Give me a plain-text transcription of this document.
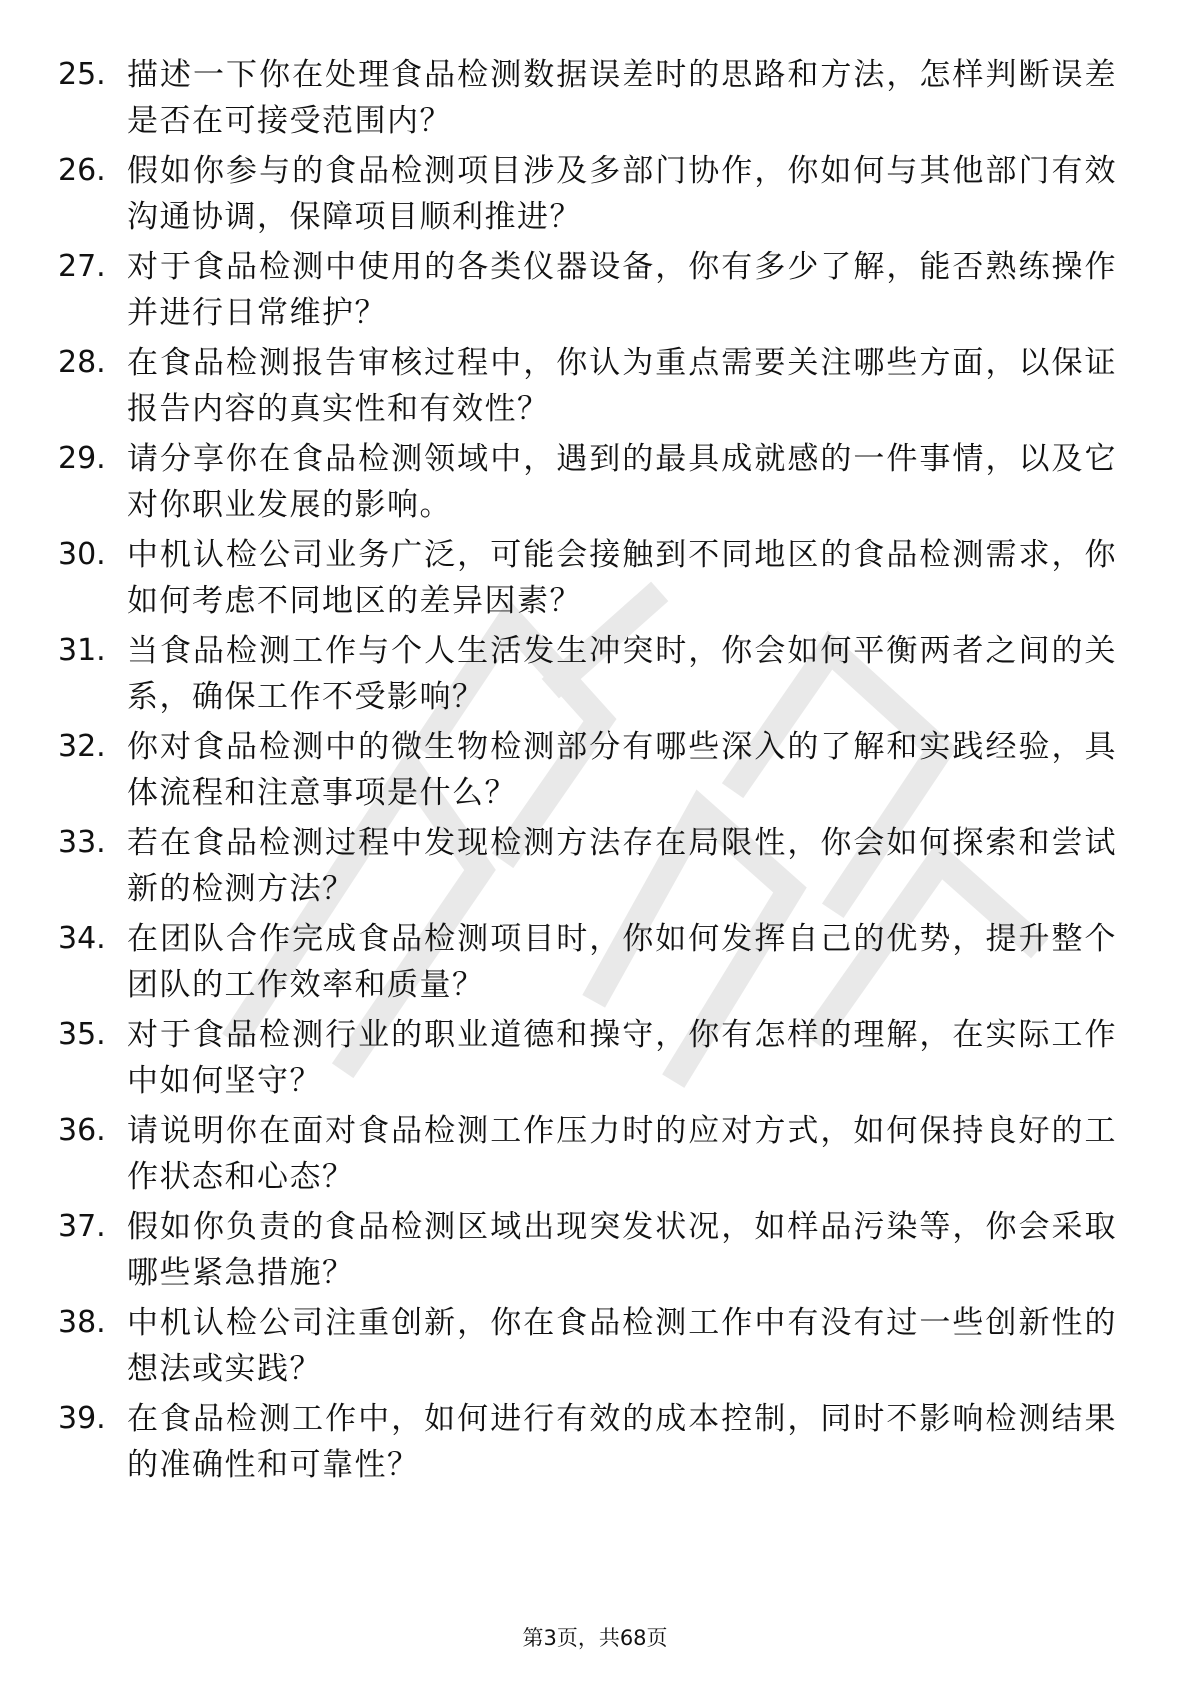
25. 描述一下你在处理食品检测数据误差时的思路和方法，怎样判断误差是否在可接受范围内？
26. 假如你参与的食品检测项目涉及多部门协作，你如何与其他部门有效沟通协调，保障项目顺利推进？
27. 对于食品检测中使用的各类仪器设备，你有多少了解，能否熟练操作并进行日常维护？
28. 在食品检测报告审核过程中，你认为重点需要关注哪些方面，以保证报告内容的真实性和有效性？
29. 请分享你在食品检测领域中，遇到的最具成就感的一件事情，以及它对你职业发展的影响。
30. 中机认检公司业务广泛，可能会接触到不同地区的食品检测需求，你如何考虑不同地区的差异因素？
31. 当食品检测工作与个人生活发生冲突时，你会如何平衡两者之间的关系，确保工作不受影响？
32. 你对食品检测中的微生物检测部分有哪些深入的了解和实践经验，具体流程和注意事项是什么？
33. 若在食品检测过程中发现检测方法存在局限性，你会如何探索和尝试新的检测方法？
34. 在团队合作完成食品检测项目时，你如何发挥自己的优势，提升整个团队的工作效率和质量？
35. 对于食品检测行业的职业道德和操守，你有怎样的理解，在实际工作中如何坚守？
36. 请说明你在面对食品检测工作压力时的应对方式，如何保持良好的工作状态和心态？
37. 假如你负责的食品检测区域出现突发状况，如样品污染等，你会采取哪些紧急措施？
38. 中机认检公司注重创新，你在食品检测工作中有没有过一些创新性的想法或实践？
39. 在食品检测工作中，如何进行有效的成本控制，同时不影响检测结果的准确性和可靠性？
第3页，共68页
